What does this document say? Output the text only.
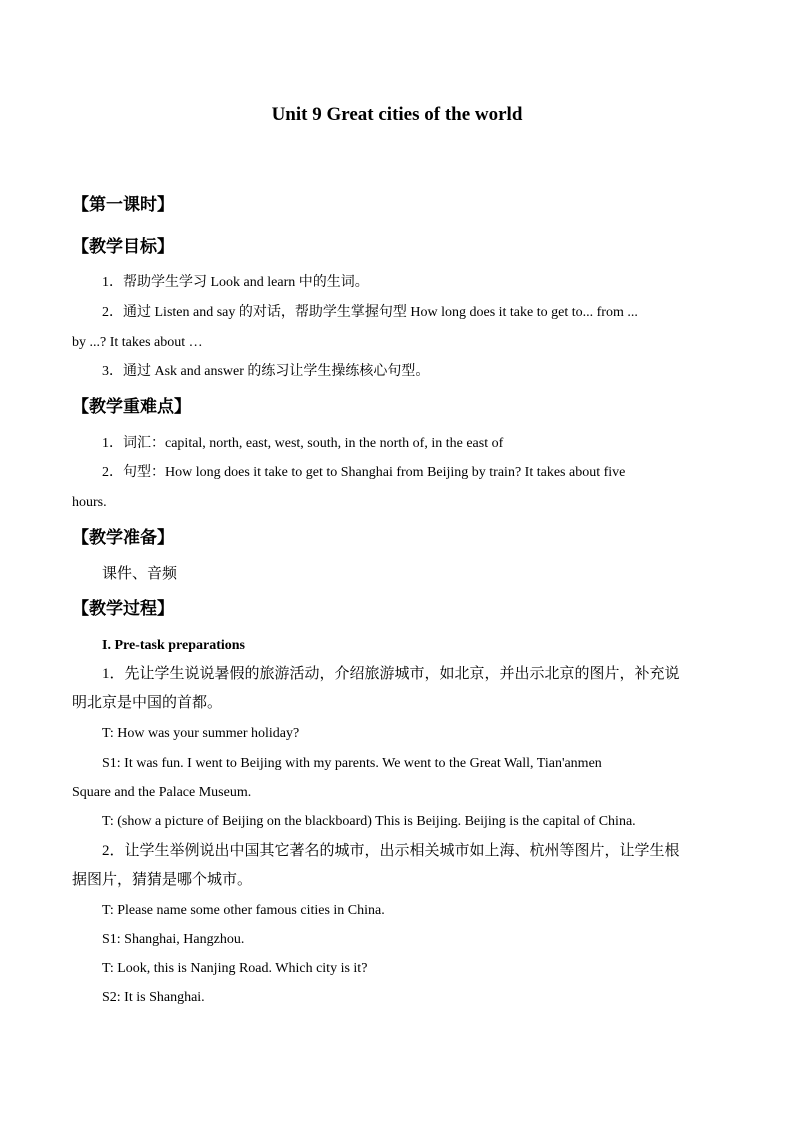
Unit 9 Great cities of the world
【第一课时】
【教学目标】
1．帮助学生学习 Look and learn 中的生词。
2．通过 Listen and say 的对话，帮助学生掌握句型 How long does it take to get to... from ...
by ...? It takes about …
3．通过 Ask and answer 的练习让学生操练核心句型。
【教学重难点】
1．词汇：capital, north, east, west, south, in the north of, in the east of
2．句型：How long does it take to get to Shanghai from Beijing by train? It takes about five
hours.
【教学准备】
课件、音频
【教学过程】
I. Pre-task preparations
1．先让学生说说暑假的旅游活动，介绍旅游城市，如北京，并出示北京的图片，补充说
明北京是中国的首都。
T: How was your summer holiday?
S1: It was fun. I went to Beijing with my parents. We went to the Great Wall, Tian'anmen
Square and the Palace Museum.
T: (show a picture of Beijing on the blackboard) This is Beijing. Beijing is the capital of China.
2．让学生举例说出中国其它著名的城市，出示相关城市如上海、杭州等图片，让学生根
据图片，猜猜是哪个城市。
T: Please name some other famous cities in China.
S1: Shanghai, Hangzhou.
T: Look, this is Nanjing Road. Which city is it?
S2: It is Shanghai.
